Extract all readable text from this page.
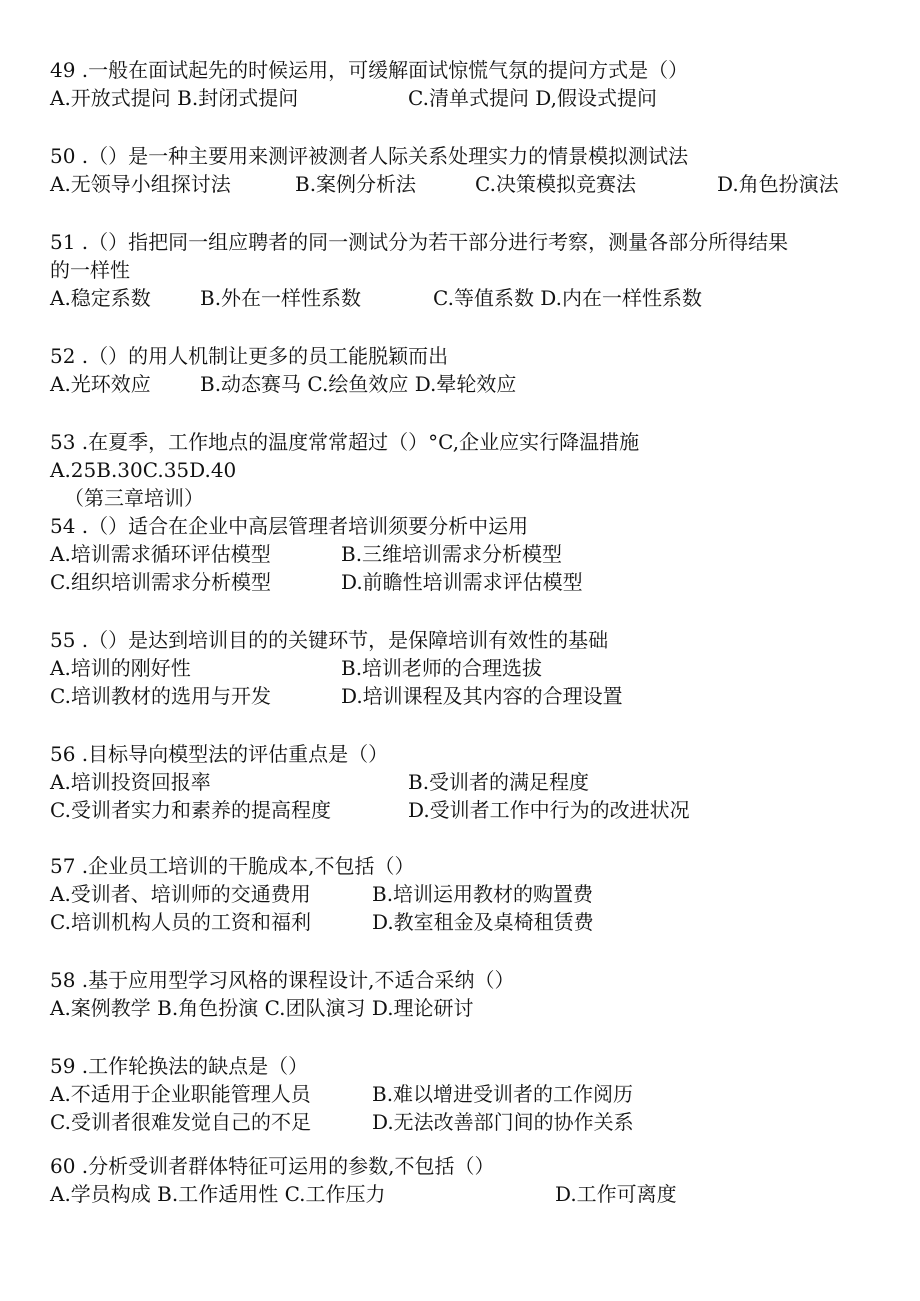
49 .一般在面试起先的时候运用，可缓解面试惊慌气氛的提问方式是（）
A.开放式提问 B.封闭式提问	C.清单式提问 D,假设式提问
50 .（）是一种主要用来测评被测者人际关系处理实力的情景模拟测试法
A.无领导小组探讨法	B.案例分析法	C.决策模拟竞赛法	D.角色扮演法
51 .（）指把同一组应聘者的同一测试分为若干部分进行考察，测量各部分所得结果
的一样性
A.稳定系数 B.外在一样性系数	C.等值系数 D.内在一样性系数
52 .（）的用人机制让更多的员工能脱颖而出
A.光环效应 B.动态赛马 C.绘鱼效应 D.晕轮效应
53 .在夏季，工作地点的温度常常超过（）°C,企业应实行降温措施
A.25B.30C.35D.40
（第三章培训）
54 .（）适合在企业中高层管理者培训须要分析中运用
A.培训需求循环评估模型	B.三维培训需求分析模型
C.组织培训需求分析模型	D.前瞻性培训需求评估模型
55 .（）是达到培训目的的关键环节，是保障培训有效性的基础
A.培训的刚好性	B.培训老师的合理选拔
C.培训教材的选用与开发	D.培训课程及其内容的合理设置
56 .目标导向模型法的评估重点是（）
A.培训投资回报率	B.受训者的满足程度
C.受训者实力和素养的提高程度	D.受训者工作中行为的改进状况
57 .企业员工培训的干脆成本,不包括（）
A.受训者、培训师的交通费用	B.培训运用教材的购置费
C.培训机构人员的工资和福利	D.教室租金及桌椅租赁费
58 .基于应用型学习风格的课程设计,不适合采纳（）
A.案例教学 B.角色扮演 C.团队演习 D.理论研讨
59 .工作轮换法的缺点是（）
A.不适用于企业职能管理人员	B.难以增进受训者的工作阅历
C.受训者很难发觉自己的不足	D.无法改善部门间的协作关系
60 .分析受训者群体特征可运用的参数,不包括（）
A.学员构成 B.工作适用性 C.工作压力	D.工作可离度
